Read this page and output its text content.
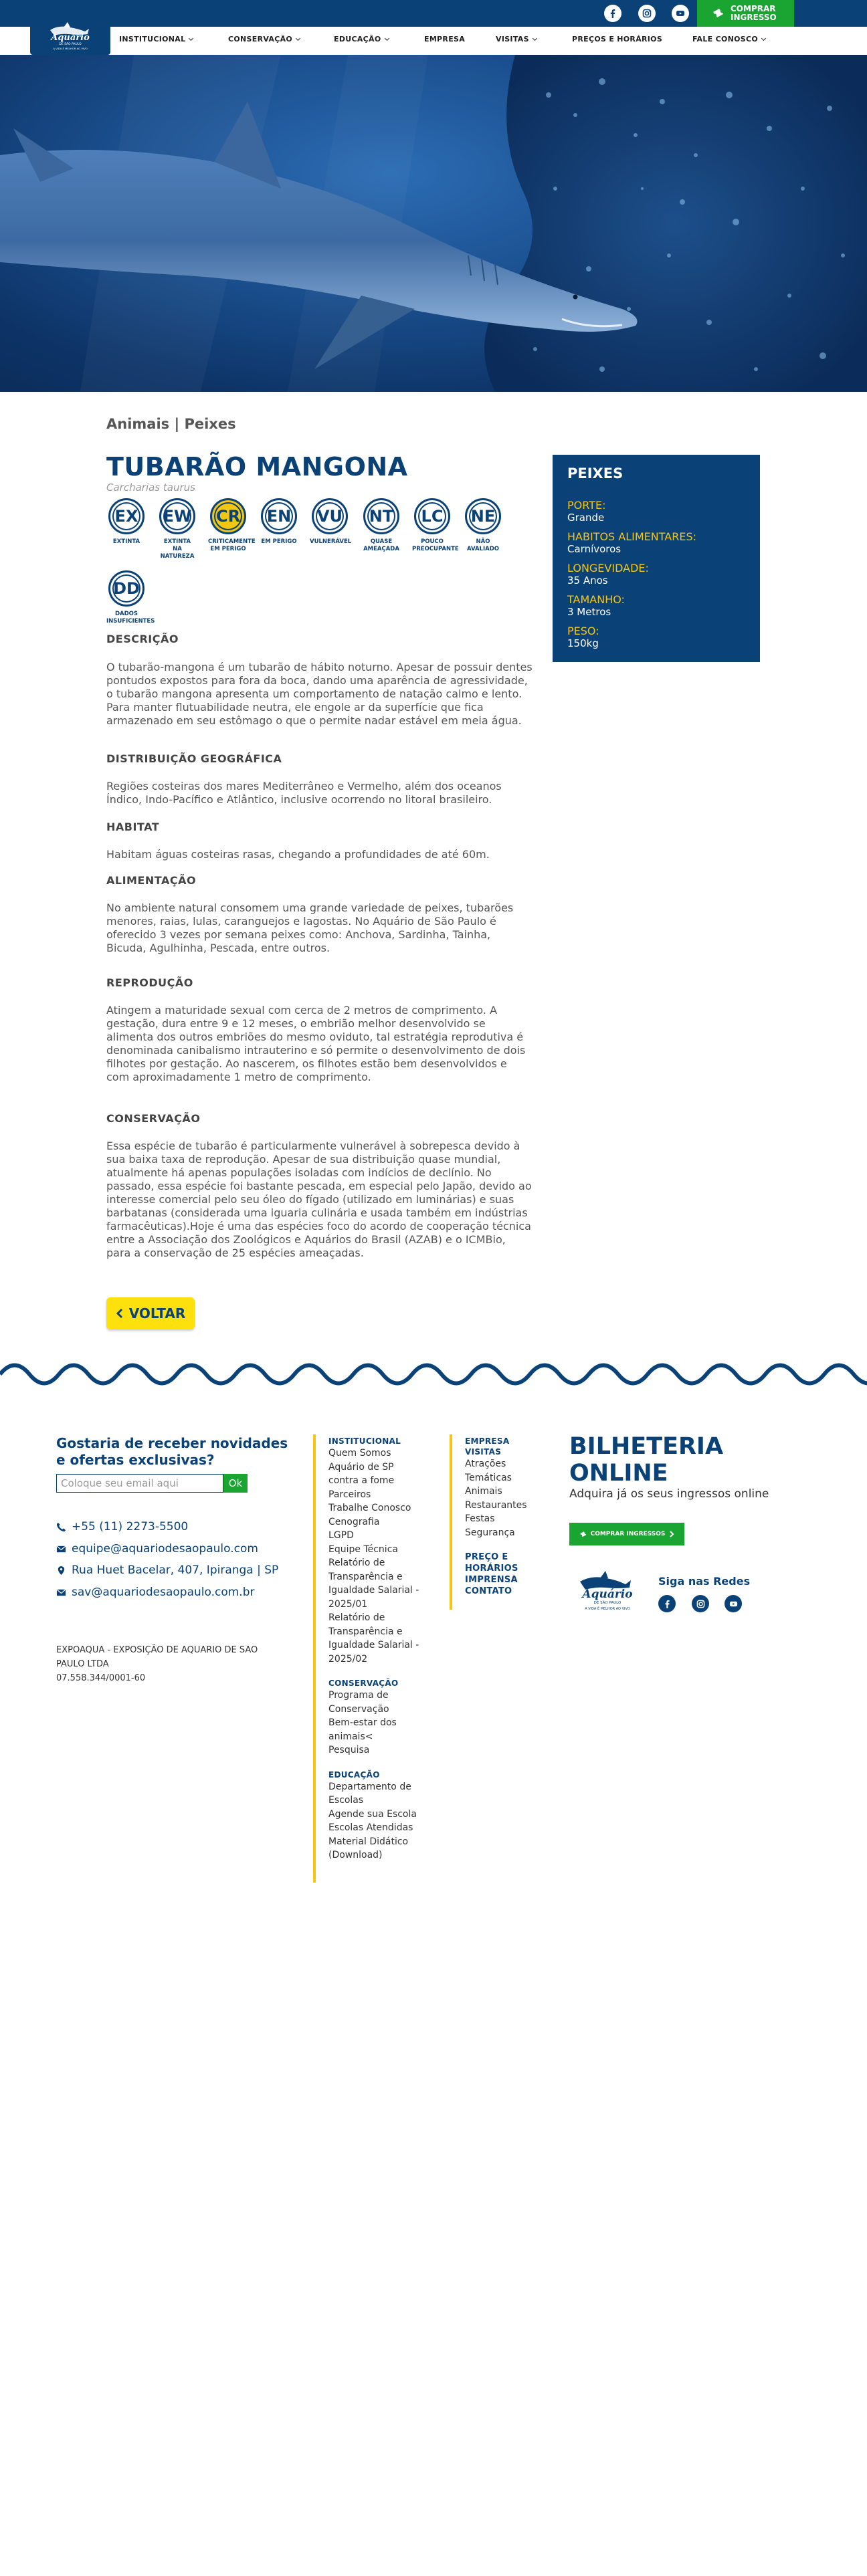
COMPRAR
INGRESSO
Aquário
DE SÃO PAULO
A VIDA É MELHOR AO VIVO
INSTITUCIONAL	CONSERVAÇÃO	EDUCAÇÃO	EMPRESA	VISITAS	PREÇOS E HORÁRIOS	FALE CONOSCO
Animais | Peixes
TUBARÃO MANGONA
Carcharias taurus
EX
EXTINTA

EW
EXTINTA
NA
NATUREZA

CR
CRITICAMENTE
EM PERIGO

EN
EM PERIGO

VU
VULNERÁVEL

NT
QUASE
AMEAÇADA

LC
POUCO
PREOCUPANTE

NE
NÃO
AVALIADO

DD
DADOS
INSUFICIENTES

DESCRIÇÃO
O tubarão-mangona é um tubarão de hábito noturno. Apesar de possuir dentes
pontudos expostos para fora da boca, dando uma aparência de agressividade,
o tubarão mangona apresenta um comportamento de natação calmo e lento.
Para manter flutuabilidade neutra, ele engole ar da superfície que fica
armazenado em seu estômago o que o permite nadar estável em meia água.

DISTRIBUIÇÃO GEOGRÁFICA
Regiões costeiras dos mares Mediterrâneo e Vermelho, além dos oceanos
Índico, Indo-Pacífico e Atlântico, inclusive ocorrendo no litoral brasileiro.

HABITAT
Habitam águas costeiras rasas, chegando a profundidades de até 60m.

ALIMENTAÇÃO
No ambiente natural consomem uma grande variedade de peixes, tubarões
menores, raias, lulas, caranguejos e lagostas. No Aquário de São Paulo é
oferecido 3 vezes por semana peixes como: Anchova, Sardinha, Tainha,
Bicuda, Agulhinha, Pescada, entre outros.

REPRODUÇÃO
Atingem a maturidade sexual com cerca de 2 metros de comprimento. A
gestação, dura entre 9 e 12 meses, o embrião melhor desenvolvido se
alimenta dos outros embriões do mesmo oviduto, tal estratégia reprodutiva é
denominada canibalismo intrauterino e só permite o desenvolvimento de dois
filhotes por gestação. Ao nascerem, os filhotes estão bem desenvolvidos e
com aproximadamente 1 metro de comprimento.

CONSERVAÇÃO
Essa espécie de tubarão é particularmente vulnerável à sobrepesca devido à
sua baixa taxa de reprodução. Apesar de sua distribuição quase mundial,
atualmente há apenas populações isoladas com indícios de declínio. No
passado, essa espécie foi bastante pescada, em especial pelo Japão, devido ao
interesse comercial pelo seu óleo do fígado (utilizado em luminárias) e suas
barbatanas (considerada uma iguaria culinária e usada também em indústrias
farmacêuticas).Hoje é uma das espécies foco do acordo de cooperação técnica
entre a Associação dos Zoológicos e Aquários do Brasil (AZAB) e o ICMBio,
para a conservação de 25 espécies ameaçadas.

VOLTAR
PEIXES
PORTE:
Grande
HABITOS ALIMENTARES:
Carnívoros
LONGEVIDADE:
35 Anos
TAMANHO:
3 Metros
PESO:
150kg
Gostaria de receber novidades
e ofertas exclusivas?
Coloque seu email aqui	Ok
+55 (11) 2273-5500
equipe@aquariodesaopaulo.com
Rua Huet Bacelar, 407, Ipiranga | SP
sav@aquariodesaopaulo.com.br
EXPOAQUA - EXPOSIÇÃO DE AQUARIO DE SAO
PAULO LTDA
07.558.344/0001-60
INSTITUCIONAL
Quem Somos
Aquário de SP
contra a fome
Parceiros
Trabalhe Conosco
Cenografia
LGPD
Equipe Técnica
Relatório de
Transparência e
Igualdade Salarial -
2025/01
Relatório de
Transparência e
Igualdade Salarial -
2025/02
CONSERVAÇÃO
Programa de
Conservação
Bem-estar dos
animais<
Pesquisa
EDUCAÇÃO
Departamento de
Escolas
Agende sua Escola
Escolas Atendidas
Material Didático
(Download)
EMPRESA
VISITAS
Atrações
Temáticas
Animais
Restaurantes
Festas
Segurança
PREÇO E
HORÁRIOS
IMPRENSA
CONTATO
BILHETERIA
ONLINE
Adquira já os seus ingressos online
COMPRAR INGRESSOS
Aquário
DE SÃO PAULO
A VIDA É MELHOR AO VIVO
Siga nas Redes
